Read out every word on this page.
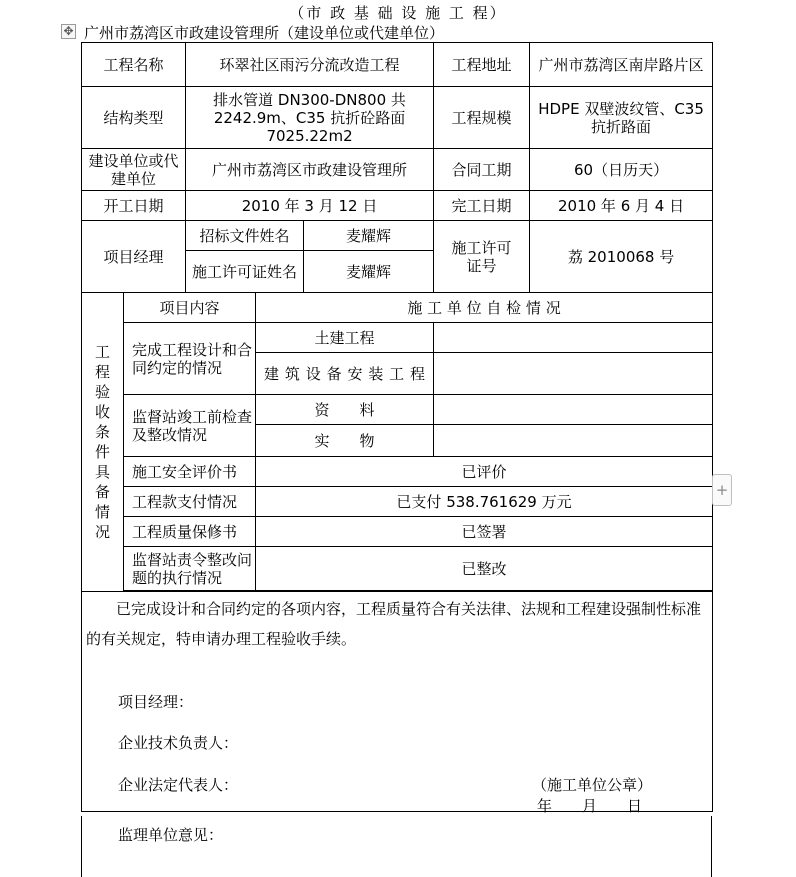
（市 政 基 础 设 施 工 程）
✥ 广州市荔湾区市政建设管理所（建设单位或代建单位）
工程名称		环翠社区雨污分流改造工程			工程地址	广州市荔湾区南岸路片区
结构类型		排水管道 DN300-DN800 共 2242.9m、C35 抗折砼路面 7025.22m2			工程规模	HDPE 双壁波纹管、C35 抗折路面
建设单位或代建单位		广州市荔湾区市政建设管理所			合同工期	60（日历天）
开工日期		2010 年 3 月 12 日			完工日期	2010 年 6 月 4 日
项目经理		招标文件姓名		麦耀辉	施工许可证号	荔 2010068 号
		施工许可证姓名		麦耀辉		
工程验收条件具备情况	项目内容		施 工 单 位 自 检 情 况			
	完成工程设计和合同约定的情况		土建工程			
			建筑设备安装工程			
	监督站竣工前检查及整改情况		资　　料			
			实　　物			
	施工安全评价书		已评价			
	工程款支付情况		已支付 538.761629 万元			
	工程质量保修书		已签署			
	监督站责令整改问题的执行情况		已整改			

已完成设计和合同约定的各项内容，工程质量符合有关法律、法规和工程建设强制性标准的有关规定，特申请办理工程验收手续。						
项目经理：
企业技术负责人：
企业法定代表人：	（施工单位公章）
年　　月　　日
监理单位意见：
+
